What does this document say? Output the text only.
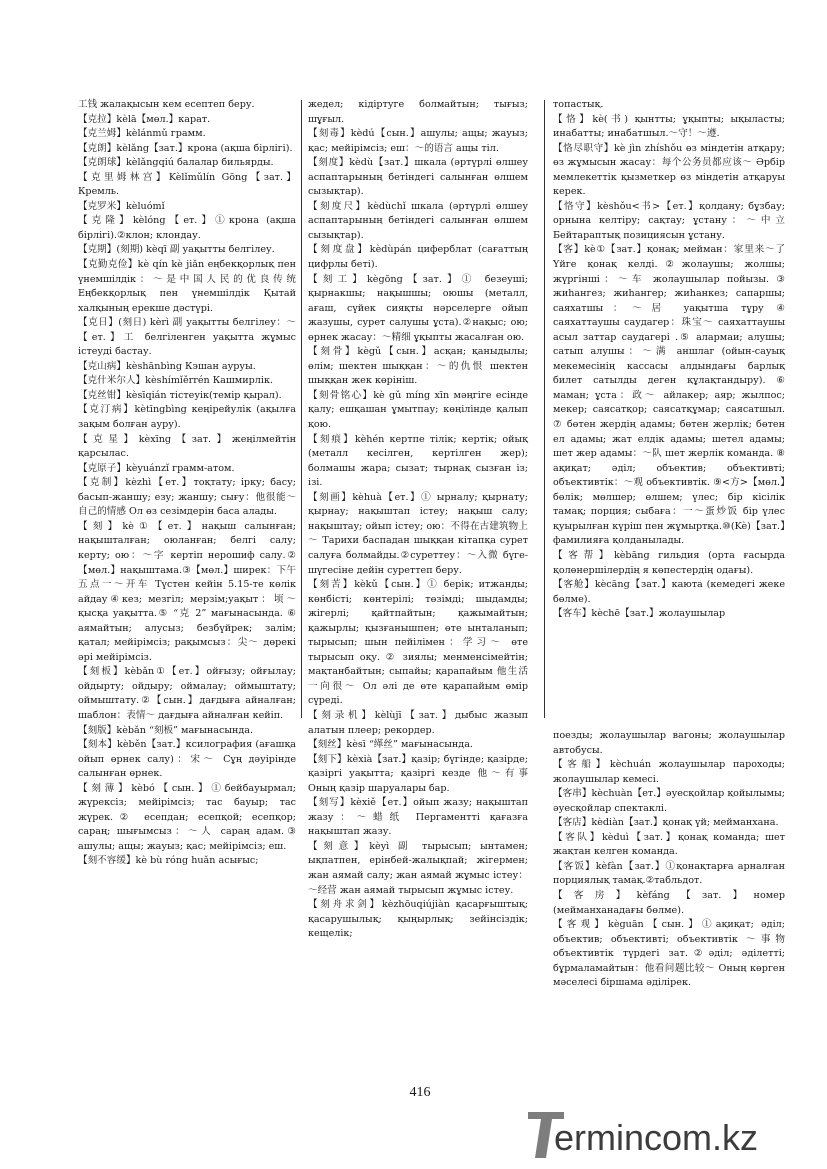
工钱 жалақысын кем есептеп беру.

【克拉】kèlā【мөл.】карат.

【克兰姆】kèlánmǔ грамм.

【克朗】kèlǎng【зат.】крона (ақша бірлігі).

【克朗球】kèlǎngqiú балалар бильярды.

【克里姆林宫】Kèlǐmǔlín Gōng【зат.】Кремль.

【克罗米】kèluómǐ

【克隆】kèlóng【ет.】①крона (ақша бірлігі).②клон; клондау.

【克期】(刻期) kèqī 副 уақытты белгілеу.

【克勤克俭】kè qín kè jiǎn еңбекқорлық пен үнемшілдік：～是中国人民的优良传统 Еңбекқорлық пен үнемшілдік Қытай халқының ерекше дәстүрі.

【克日】(刻日) kèrì 副 уақытты белгілеу：～【ет.】工 белгіленген уақытта жұмыс істеуді бастау.

【克山病】kèshānbìng Кэшан ауруы.

【克什米尔人】kèshímǐěrrén Кашмирлік.

【克丝钳】kèsīqián тістеуік(темір қырал).

【克汀病】kètīngbìng кеңірейулік (ақылға зақым болған ауру).

【克星】kèxīng【зат.】жеңілмейтін қарсылас.

【克原子】kèyuánzǐ грамм-атом.

【克制】kèzhì【ет.】тоқтату; ірку; басу; басып-жаншу; езу; жаншу; сығу：他很能～自己的情感 Ол өз сезімдерін баса алады.

【刻】kè①【ет.】нақыш салынған; нақышталған; оюланған; белгі салу; керту; ою：～字 кертіп нерошиф салу.②【мөл.】нақыштама.③【мөл.】ширек：下午五点一～开车 Түстен кейін 5.15-те көлік айдау④кез; мезгіл; мерзім;уақыт：顷～ қысқа уақытта.⑤ “克 2” мағынасында. ⑥ аямайтын; алусыз; безбүйрек; залім; қатал; мейірімсіз; рақымсыз：尖～ дөрекі әрі мейірімсіз.

【刻板】kèbǎn①【ет.】ойғызу; ойғылау; ойдырту; ойдыру; оймалау; оймыштату; оймыштату.②【сын.】дағдыға айналған; шаблон：表情～ дағдыға айналған кейіп.

【刻版】kèbǎn “刻板” мағынасында.

【刻本】kèběn【зат.】ксилография (ағашқа ойып өрнек салу)：宋～ Сұң дәуірінде салынған өрнек.

【刻薄】kèbó【сын.】①бейбауырмал; жүрексіз; мейірімсіз; тас бауыр; тас жүрек.② есепдан; есепқой; есепқор; сараң; шығымсыз：～人 сараң адам.③ ашулы; ащы; жауыз; қас; мейірімсіз; еш.

【刻不容缓】kè bù róng huǎn асығыс;

жедел; кідіртуге болмайтын; тығыз; шұғыл.

【刻毒】kèdú【сын.】ашулы; ащы; жауыз; қас; мейірімсіз; еш：～的语言 ащы тіл.

【刻度】kèdù【зат.】шкала (әртүрлі өлшеу аспаптарының бетіндегі салынған өлшем сызықтар).

【刻度尺】kèdùchǐ шкала (әртүрлі өлшеу аспаптарының бетіндегі салынған өлшем сызықтар).

【刻度盘】kèdùpán циферблат (сағаттың цифрлы беті).

【刻工】kègōng【зат.】① безеуші; қырнакшы; нақышшы; оюшы (металл, ағаш, сүйек сияқты нәрселерге ойып жазушы, сурет салушы ұста).②нақыс; ою; өрнек жасау：～精细 ұқыпты жасалған ою.

【刻骨】kègǔ【сын.】асқан; қаныдылы; өлім; шектен шыққан：～的仇恨 шектен шыққан жек көрініш.

【刻骨铭心】kè gǔ míng xīn мәңгіге есінде қалу; ешқашан ұмытпау; көңілінде қалып қою.

【刻痕】kèhén кертпе тілік; кертік; ойық (металл кесілген, кертілген жер); болмашы жара; сызат; тырнақ сызған із; ізі.

【刻画】kèhuà【ет.】① ырналу; қырнату; қырнау; нақыштап істеу; нақыш салу; нақыштау; ойып істеу; ою：不得在古建筑物上～ Тарихи баспадан шыққан кітапқа сурет салуға болмайды.②суреттеу：～入微 бүге-шүгесіне дейін суреттеп беру.

【刻苦】kèkǔ【сын.】① берік; итжанды; көнбісті; көнтерілі; төзімді; шыдамды; жігерлі; қайтпайтын; қажымайтын; қажырлы; қызғанышпен; өте ынталанып; тырысып; шын пейілімен：学习～ өте тырысып оқу. ② зиялы; менменсімейтін; мақтанбайтын; сыпайы; қарапайым 他生活一向很～ Ол әлі де өте қарапайым өмір сүреді.

【刻录机】kèlùjī【зат.】дыбыс жазып алатын плеер; рекордер.

【刻丝】kèsī “缂丝” мағынасында.

【刻下】kèxià【зат.】қазір; бүгінде; қазірде; қазіргі уақытта; қазіргі кезде 他～有事 Оның қазір шаруалары бар.

【刻写】kèxiě【ет.】ойып жазу; нақыштап жазу：～蜡纸 Пергаментті қағазға нақыштап жазу.

【刻意】kèyì 副 тырысып; ынтамен; ықпатпен, ерінбей-жалықпай; жігермен; жан аямай салу; жан аямай жұмыс істеу：～经营 жан аямай тырысып жұмыс істеу.

【刻舟求剑】kèzhōuqiújiàn қасарғыштық; қасарушылық; қыңырлық; зейінсіздік; кещелік;

топастық.

【恪】kè(书) қынтты; ұқыпты; ықыласты; инабатты; инабатшыл.～守！～遵.

【恪尽职守】kè jìn zhíshǒu өз міндетін атқару; өз жұмысын жасау：每个公务员都应该～ Әрбір мемлекеттік қызметкер өз міндетін атқаруы керек.

【恪守】kèshǒu<书>【ет.】қолдану; бұзбау; орнына келтіру; сақтау; ұстану：～中立 Бейтараптық позициясын ұстану.

【客】kè①【зат.】қонақ; мейман：家里来～了 Үйге қонақ келді.②жолаушы; жолшы; жүргінші：～车 жолаушылар пойызы. ③ жиһангез; жиһангер; жиһанкез; сапаршы; саяхатшы：～居 уақытша тұру ④ саяхаттаушы саудагер：珠宝～ саяхаттаушы асыл заттар саудагері .⑤ алармаи; алушы; сатып алушы：～满 аншлаг (ойын-сауық мекемесінің кассасы алдындағы барлық билет сатылды деген құлақтандыру). ⑥ маман; ұста：政～ айлакер; аяр; жылпос; мекер; саясатқор; саясатқұмар; саясатшыл. ⑦ бөтен жердің адамы; бөтен жерлік; бөтен ел адамы; жат елдік адамы; шетел адамы; шет жер адамы：～队 шет жерлік команда. ⑧ ақиқат; әділ; объектив; объективті; объективтік：～观 объективтік. ⑨<方>【мөл.】бөлік; мөлшер; өлшем; үлес; бір кісілік тамақ; порция; сыбаға：一～蛋炒饭 бір үлес қуырылған күріш пен жұмыртқа.⑩(Kè)【зат.】фамилияға қолданылады.

【客帮】kèbāng гильдия (орта ғасырда қолөнершілердің я көпестердің одағы).

【客舱】kècāng【зат.】каюта (кемедегі жеке бөлме).

【客车】kèchē【зат.】жолаушылар

поезды; жолаушылар вагоны; жолаушылар автобусы.

【客船】kèchuán жолаушылар пароходы; жолаушылар кемесі.

【客串】kèchuàn【ет.】әуесқойлар қойылымы; әуесқойлар спектаклі.

【客店】kèdiàn【зат.】қонақ үй; мейманхана.

【客队】kèduì【зат.】қонақ команда; шет жақтан келген команда.

【客饭】kèfàn【зат.】①қонақтарға арналған порциялық тамақ.②табльдот.

【客房】kèfáng【зат.】номер (мейманханадағы бөлме).

【客观】kèguān【сын.】①ақиқат; әділ; объектив; объективті; объективтік ～事物 объективтік түрдегі зат.②әділ; әділетті; бұрмаламайтын：他看问题比较～ Оның көрген мәселесі біршама әділірек.

416
ermincom.kz
